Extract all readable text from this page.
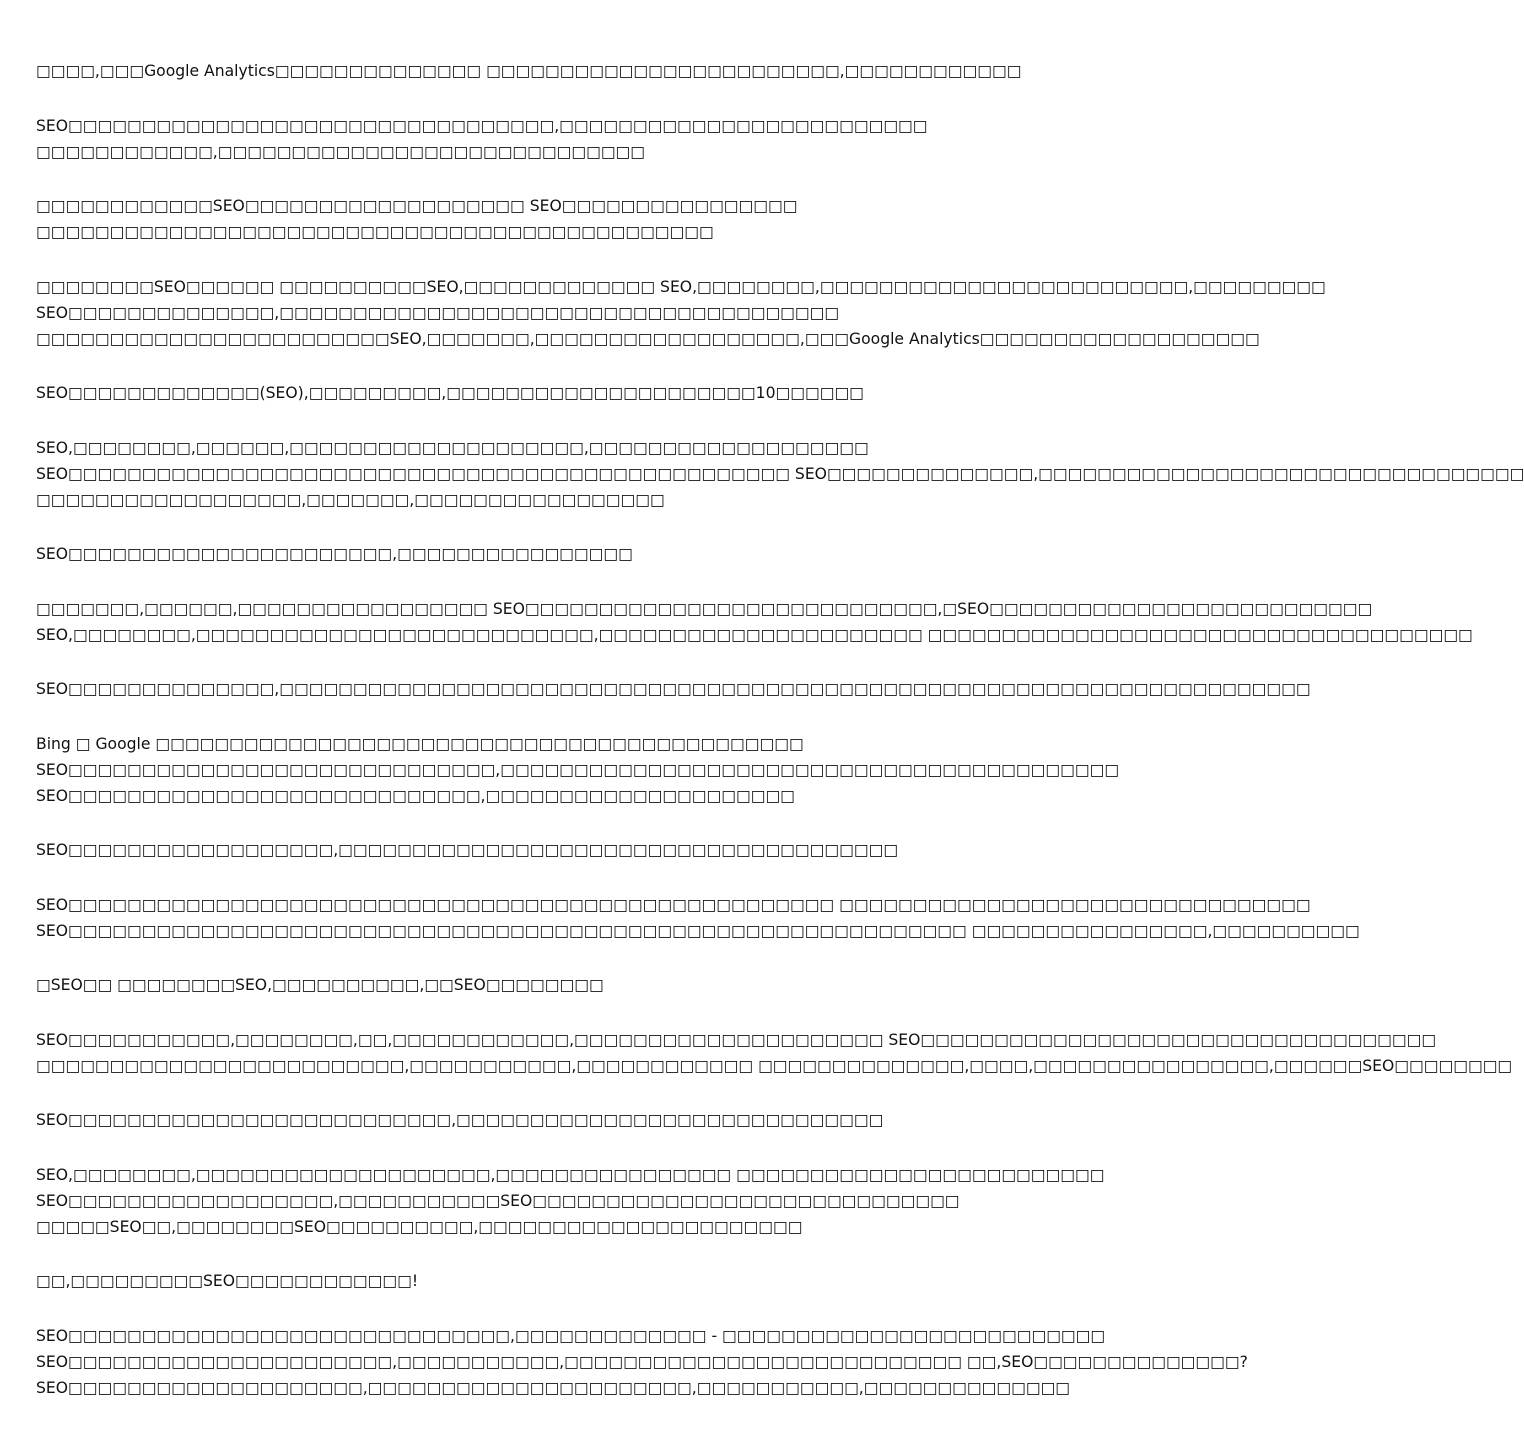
□□□□,□□□Google Analytics□□□□□□□□□□□□□□ □□□□□□□□□□□□□□□□□□□□□□□□,□□□□□□□□□□□□
SEO□□□□□□□□□□□□□□□□□□□□□□□□□□□□□□□□□,□□□□□□□□□□□□□□□□□□□□□□□□□
□□□□□□□□□□□□,□□□□□□□□□□□□□□□□□□□□□□□□□□□□□
□□□□□□□□□□□□SEO□□□□□□□□□□□□□□□□□□□ SEO□□□□□□□□□□□□□□□□
□□□□□□□□□□□□□□□□□□□□□□□□□□□□□□□□□□□□□□□□□□□□□□
□□□□□□□□SEO□□□□□□ □□□□□□□□□□SEO,□□□□□□□□□□□□□ SEO,□□□□□□□□,□□□□□□□□□□□□□□□□□□□□□□□□□,□□□□□□□□□
SEO□□□□□□□□□□□□□□,□□□□□□□□□□□□□□□□□□□□□□□□□□□□□□□□□□□□□□
□□□□□□□□□□□□□□□□□□□□□□□□SEO,□□□□□□□,□□□□□□□□□□□□□□□□□□,□□□Google Analytics□□□□□□□□□□□□□□□□□□□
SEO□□□□□□□□□□□□□(SEO),□□□□□□□□□,□□□□□□□□□□□□□□□□□□□□□10□□□□□□
SEO,□□□□□□□□,□□□□□□,□□□□□□□□□□□□□□□□□□□□,□□□□□□□□□□□□□□□□□□□
SEO□□□□□□□□□□□□□□□□□□□□□□□□□□□□□□□□□□□□□□□□□□□□□□□□□ SEO□□□□□□□□□□□□□□,□□□□□□□□□□□□□□□□□□□□□□□□□□□□□□□□□
□□□□□□□□□□□□□□□□□□,□□□□□□□,□□□□□□□□□□□□□□□□□
SEO□□□□□□□□□□□□□□□□□□□□□□,□□□□□□□□□□□□□□□□
□□□□□□□,□□□□□□,□□□□□□□□□□□□□□□□□ SEO□□□□□□□□□□□□□□□□□□□□□□□□□□□□,□SEO□□□□□□□□□□□□□□□□□□□□□□□□□□
SEO,□□□□□□□□,□□□□□□□□□□□□□□□□□□□□□□□□□□□,□□□□□□□□□□□□□□□□□□□□□□ □□□□□□□□□□□□□□□□□□□□□□□□□□□□□□□□□□□□□
SEO□□□□□□□□□□□□□□,□□□□□□□□□□□□□□□□□□□□□□□□□□□□□□□□□□□□□□□□□□□□□□□□□□□□□□□□□□□□□□□□□□□□□□
Bing □ Google □□□□□□□□□□□□□□□□□□□□□□□□□□□□□□□□□□□□□□□□□□□□
SEO□□□□□□□□□□□□□□□□□□□□□□□□□□□□□,□□□□□□□□□□□□□□□□□□□□□□□□□□□□□□□□□□□□□□□□□□
SEO□□□□□□□□□□□□□□□□□□□□□□□□□□□□,□□□□□□□□□□□□□□□□□□□□□
SEO□□□□□□□□□□□□□□□□□□,□□□□□□□□□□□□□□□□□□□□□□□□□□□□□□□□□□□□□□
SEO□□□□□□□□□□□□□□□□□□□□□□□□□□□□□□□□□□□□□□□□□□□□□□□□□□□□ □□□□□□□□□□□□□□□□□□□□□□□□□□□□□□□□
SEO□□□□□□□□□□□□□□□□□□□□□□□□□□□□□□□□□□□□□□□□□□□□□□□□□□□□□□□□□□□□□ □□□□□□□□□□□□□□□□,□□□□□□□□□□
□SEO□□ □□□□□□□□SEO,□□□□□□□□□□,□□SEO□□□□□□□□
SEO□□□□□□□□□□□,□□□□□□□□,□□,□□□□□□□□□□□□,□□□□□□□□□□□□□□□□□□□□□ SEO□□□□□□□□□□□□□□□□□□□□□□□□□□□□□□□□□□□
□□□□□□□□□□□□□□□□□□□□□□□□□,□□□□□□□□□□□,□□□□□□□□□□□□ □□□□□□□□□□□□□□,□□□□,□□□□□□□□□□□□□□□□,□□□□□□SEO□□□□□□□□
SEO□□□□□□□□□□□□□□□□□□□□□□□□□□,□□□□□□□□□□□□□□□□□□□□□□□□□□□□□
SEO,□□□□□□□□,□□□□□□□□□□□□□□□□□□□□,□□□□□□□□□□□□□□□□ □□□□□□□□□□□□□□□□□□□□□□□□□
SEO□□□□□□□□□□□□□□□□□□,□□□□□□□□□□□SEO□□□□□□□□□□□□□□□□□□□□□□□□□□□□□
□□□□□SEO□□,□□□□□□□□SEO□□□□□□□□□□,□□□□□□□□□□□□□□□□□□□□□□
□□,□□□□□□□□□SEO□□□□□□□□□□□□!
SEO□□□□□□□□□□□□□□□□□□□□□□□□□□□□□□,□□□□□□□□□□□□□ - □□□□□□□□□□□□□□□□□□□□□□□□□□
SEO□□□□□□□□□□□□□□□□□□□□□□,□□□□□□□□□□□,□□□□□□□□□□□□□□□□□□□□□□□□□□□ □□,SEO□□□□□□□□□□□□□□?
SEO□□□□□□□□□□□□□□□□□□□□,□□□□□□□□□□□□□□□□□□□□□□,□□□□□□□□□□□,□□□□□□□□□□□□□□
